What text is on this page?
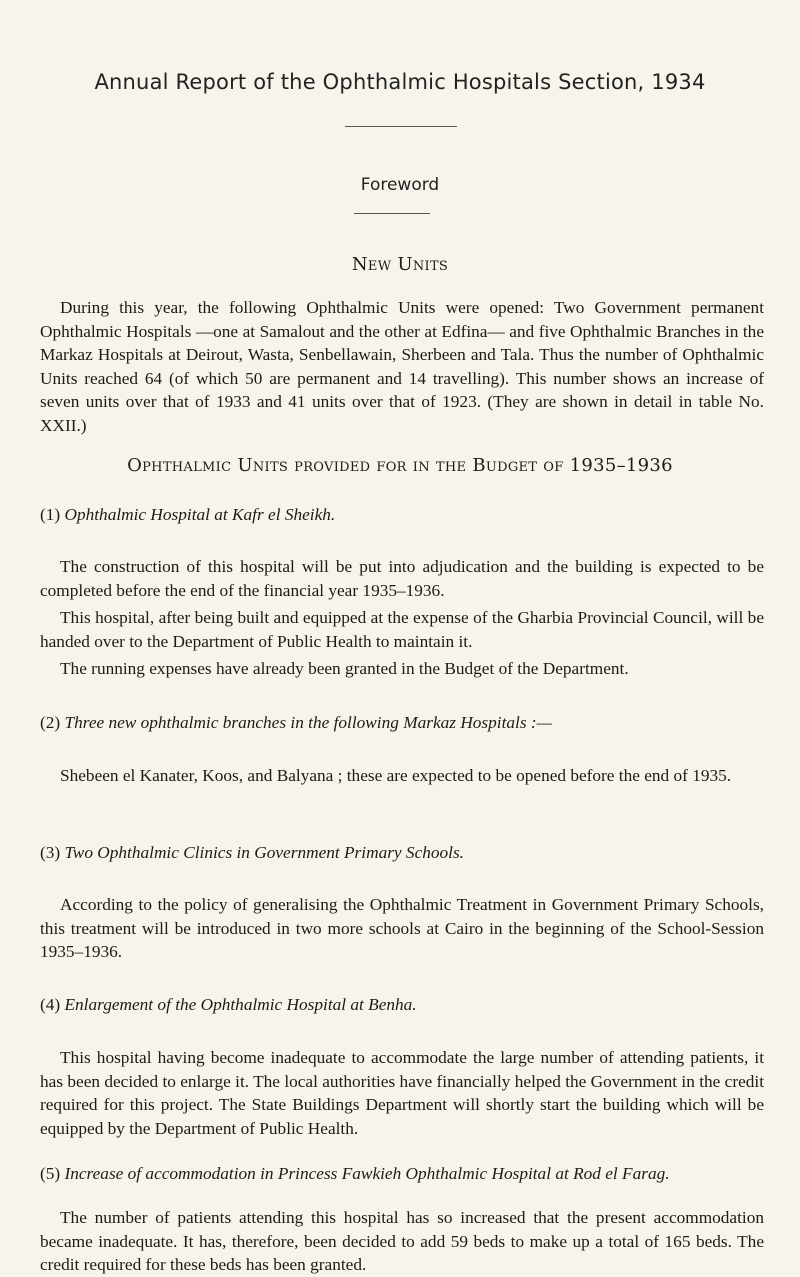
Annual Report of the Ophthalmic Hospitals Section, 1934
Foreword
New Units
During this year, the following Ophthalmic Units were opened: Two Government permanent Ophthalmic Hospitals —one at Samalout and the other at Edfina— and five Ophthalmic Branches in the Markaz Hospitals at Deirout, Wasta, Senbellawain, Sherbeen and Tala. Thus the number of Ophthalmic Units reached 64 (of which 50 are permanent and 14 travelling). This number shows an increase of seven units over that of 1933 and 41 units over that of 1923. (They are shown in detail in table No. XXII.)
Ophthalmic Units provided for in the Budget of 1935–1936
(1) Ophthalmic Hospital at Kafr el Sheikh.
The construction of this hospital will be put into adjudication and the building is expected to be completed before the end of the financial year 1935–1936.
This hospital, after being built and equipped at the expense of the Gharbia Provincial Council, will be handed over to the Department of Public Health to maintain it.
The running expenses have already been granted in the Budget of the Department.
(2) Three new ophthalmic branches in the following Markaz Hospitals :—
Shebeen el Kanater, Koos, and Balyana ; these are expected to be opened before the end of 1935.
(3) Two Ophthalmic Clinics in Government Primary Schools.
According to the policy of generalising the Ophthalmic Treatment in Government Primary Schools, this treatment will be introduced in two more schools at Cairo in the beginning of the School-Session 1935–1936.
(4) Enlargement of the Ophthalmic Hospital at Benha.
This hospital having become inadequate to accommodate the large number of attending patients, it has been decided to enlarge it. The local authorities have financially helped the Government in the credit required for this project. The State Buildings Department will shortly start the building which will be equipped by the Department of Public Health.
(5) Increase of accommodation in Princess Fawkieh Ophthalmic Hospital at Rod el Farag.
The number of patients attending this hospital has so increased that the present accommodation became inadequate. It has, therefore, been decided to add 59 beds to make up a total of 165 beds. The credit required for these beds has been granted.
